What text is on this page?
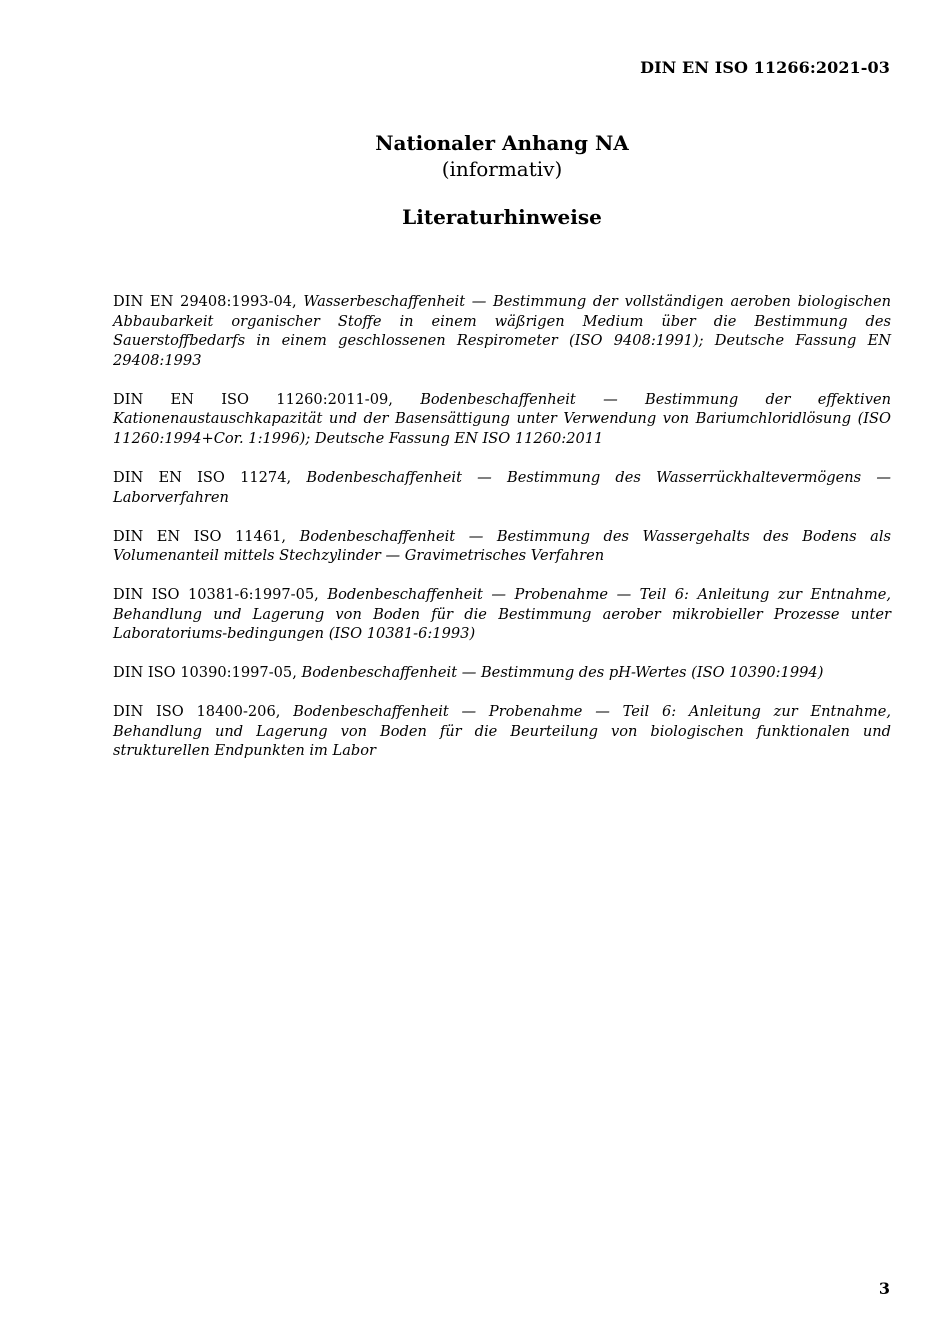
DIN EN ISO 11266:2021-03
Nationaler Anhang NA
(informativ)
Literaturhinweise

DIN EN 29408:1993-04, Wasserbeschaffenheit — Bestimmung der vollständigen aeroben biologischen Abbaubarkeit organischer Stoffe in einem wäßrigen Medium über die Bestimmung des Sauerstoffbedarfs in einem geschlossenen Respirometer (ISO 9408:1991); Deutsche Fassung EN 29408:1993

DIN EN ISO 11260:2011-09, Bodenbeschaffenheit — Bestimmung der effektiven Kationenaustauschkapazität und der Basensättigung unter Verwendung von Bariumchloridlösung (ISO 11260:1994+Cor. 1:1996); Deutsche Fassung EN ISO 11260:2011

DIN EN ISO 11274, Bodenbeschaffenheit — Bestimmung des Wasserrückhaltevermögens — Laborverfahren

DIN EN ISO 11461, Bodenbeschaffenheit — Bestimmung des Wassergehalts des Bodens als Volumenanteil mittels Stechzylinder — Gravimetrisches Verfahren

DIN ISO 10381-6:1997-05, Bodenbeschaffenheit — Probenahme — Teil 6: Anleitung zur Entnahme, Behandlung und Lagerung von Boden für die Bestimmung aerober mikrobieller Prozesse unter Laboratoriums-bedingungen (ISO 10381-6:1993)

DIN ISO 10390:1997-05, Bodenbeschaffenheit — Bestimmung des pH-Wertes (ISO 10390:1994)

DIN ISO 18400-206, Bodenbeschaffenheit — Probenahme — Teil 6: Anleitung zur Entnahme, Behandlung und Lagerung von Boden für die Beurteilung von biologischen funktionalen und strukturellen Endpunkten im Labor

3
